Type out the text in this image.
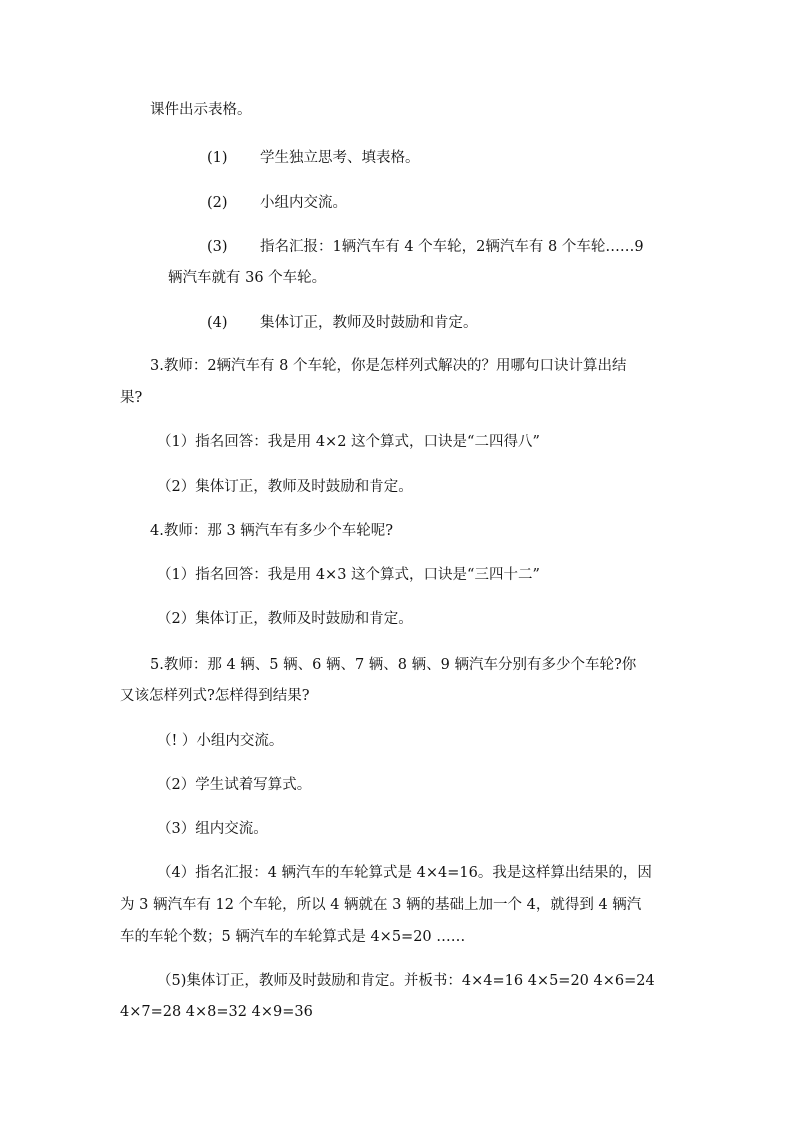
课件出示表格。
(1) 学生独立思考、填表格。
(2) 小组内交流。
(3) 指名汇报：1辆汽车有 4 个车轮，2辆汽车有 8 个车轮……9
辆汽车就有 36 个车轮。
(4) 集体订正，教师及时鼓励和肯定。
3.教师：2辆汽车有 8 个车轮，你是怎样列式解决的？用哪句口诀计算出结
果?
（1）指名回答：我是用 4×2 这个算式，口诀是“二四得八”
（2）集体订正，教师及时鼓励和肯定。
4.教师：那 3 辆汽车有多少个车轮呢?
（1）指名回答：我是用 4×3 这个算式，口诀是“三四十二”
（2）集体订正，教师及时鼓励和肯定。
5.教师：那 4 辆、5 辆、6 辆、7 辆、8 辆、9 辆汽车分别有多少个车轮?你
又该怎样列式?怎样得到结果?
（! ）小组内交流。
（2）学生试着写算式。
（3）组内交流。
（4）指名汇报：4 辆汽车的车轮算式是 4×4=16。我是这样算出结果的，因
为 3 辆汽车有 12 个车轮，所以 4 辆就在 3 辆的基础上加一个 4，就得到 4 辆汽
车的车轮个数；5 辆汽车的车轮算式是 4×5=20 ……
（5)集体订正，教师及时鼓励和肯定。并板书：4×4=16 4×5=20 4×6=24
4×7=28 4×8=32 4×9=36
